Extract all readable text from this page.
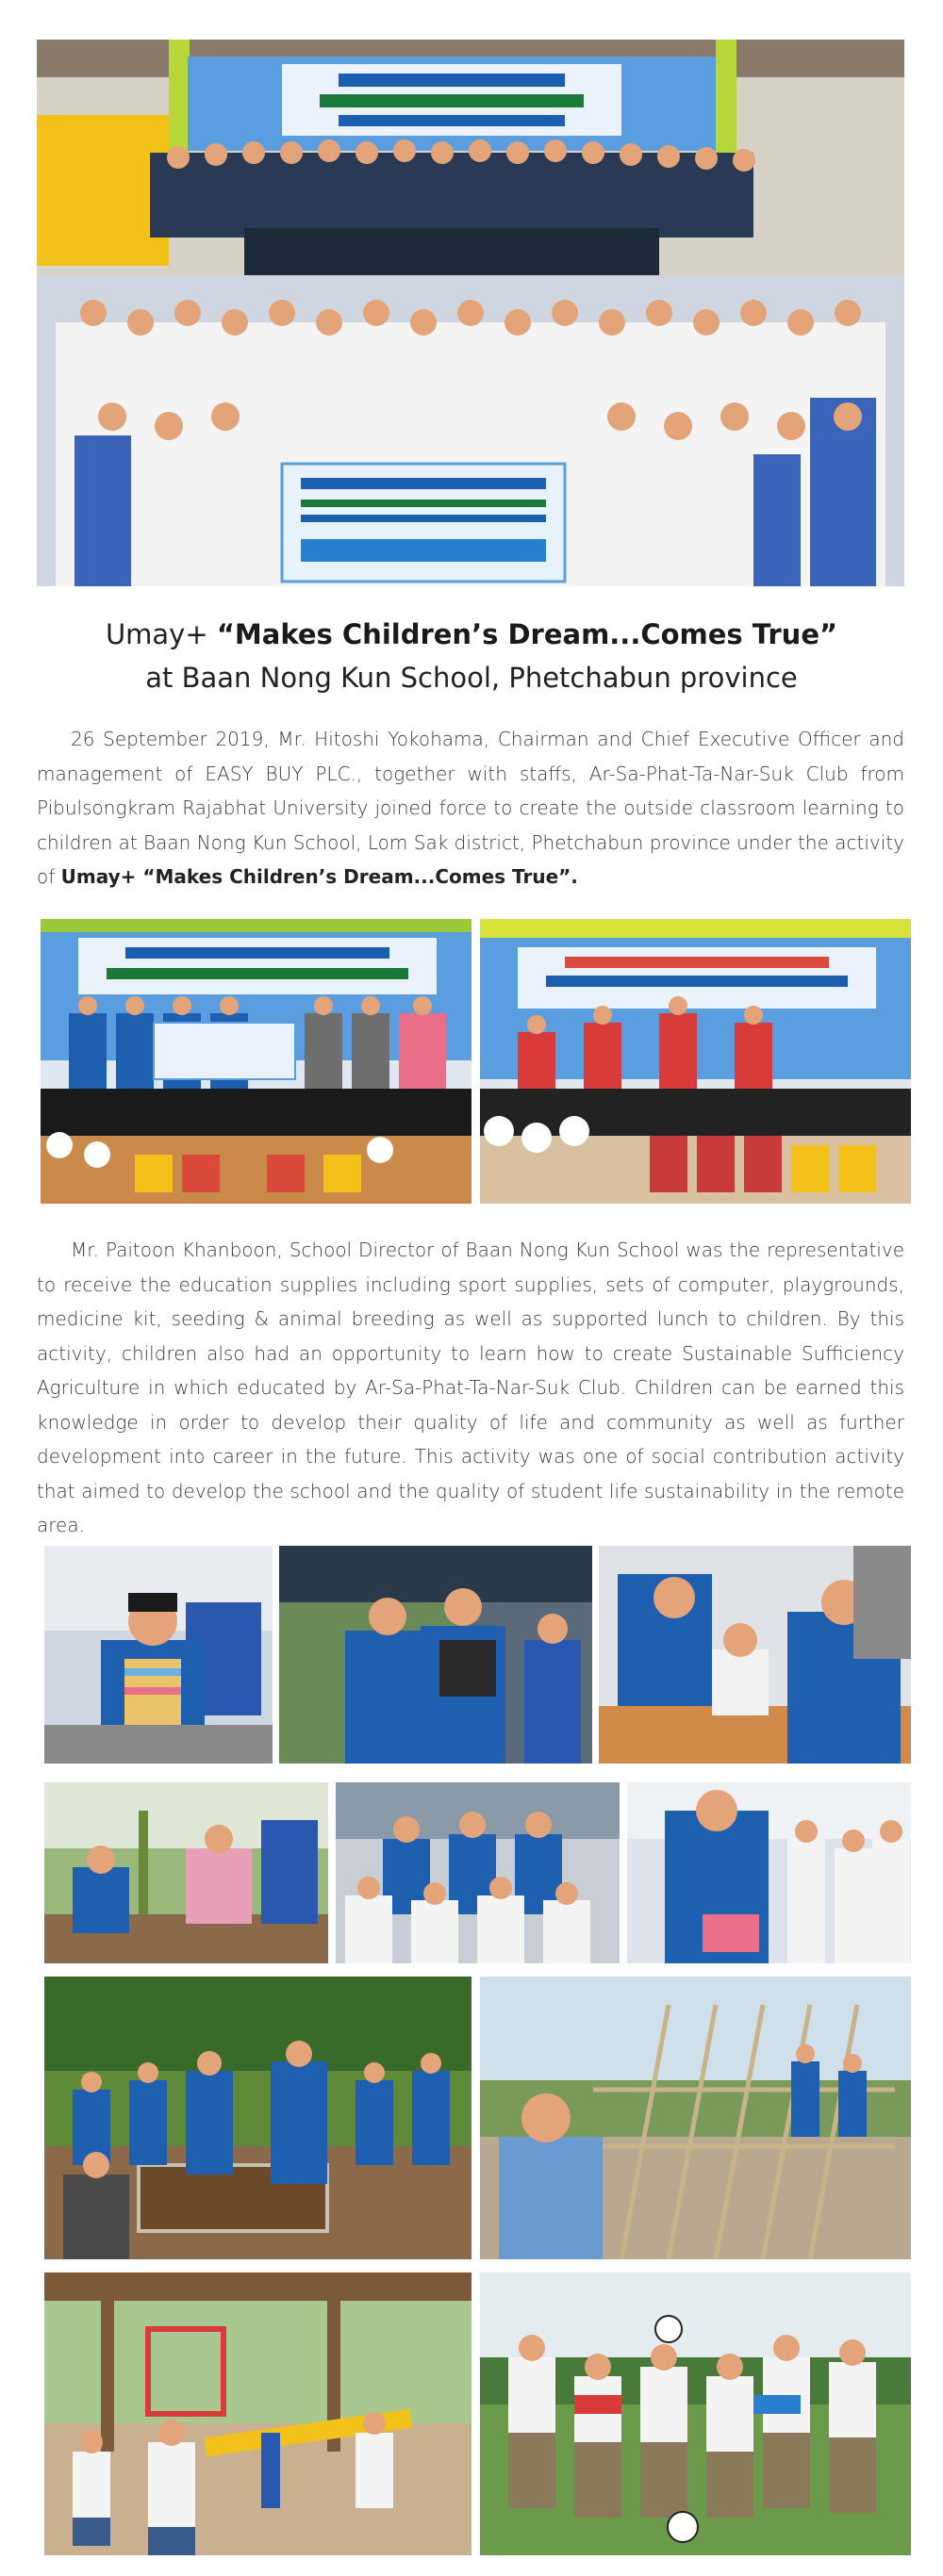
Umay+ “Makes Children’s Dream...Comes True”
at Baan Nong Kun School, Phetchabun province

26 September 2019, Mr. Hitoshi Yokohama, Chairman and Chief Executive Officer and management of EASY BUY PLC., together with staffs, Ar-Sa-Phat-Ta-Nar-Suk Club from Pibulsongkram Rajabhat University joined force to create the outside classroom learning to children at Baan Nong Kun School, Lom Sak district, Phetchabun province under the activity of Umay+ “Makes Children’s Dream...Comes True”.

Mr. Paitoon Khanboon, School Director of Baan Nong Kun School was the representative to receive the education supplies including sport supplies, sets of computer, playgrounds, medicine kit, seeding & animal breeding as well as supported lunch to children. By this activity, children also had an opportunity to learn how to create Sustainable Sufficiency Agriculture in which educated by Ar-Sa-Phat-Ta-Nar-Suk Club. Children can be earned this knowledge in order to develop their quality of life and community as well as further development into career in the future. This activity was one of social contribution activity that aimed to develop the school and the quality of student life sustainability in the remote area.
